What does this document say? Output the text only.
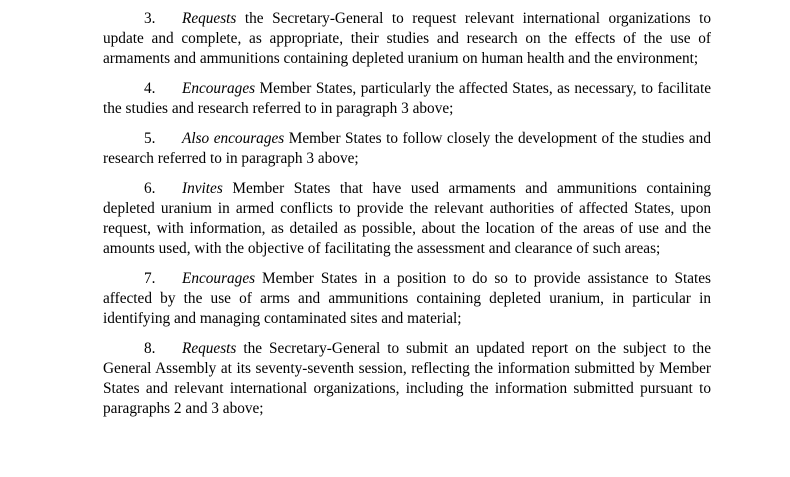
3. Requests the Secretary-General to request relevant international organizations to update and complete, as appropriate, their studies and research on the effects of the use of armaments and ammunitions containing depleted uranium on human health and the environment;

4. Encourages Member States, particularly the affected States, as necessary, to facilitate the studies and research referred to in paragraph 3 above;

5. Also encourages Member States to follow closely the development of the studies and research referred to in paragraph 3 above;

6. Invites Member States that have used armaments and ammunitions containing depleted uranium in armed conflicts to provide the relevant authorities of affected States, upon request, with information, as detailed as possible, about the location of the areas of use and the amounts used, with the objective of facilitating the assessment and clearance of such areas;

7. Encourages Member States in a position to do so to provide assistance to States affected by the use of arms and ammunitions containing depleted uranium, in particular in identifying and managing contaminated sites and material;

8. Requests the Secretary-General to submit an updated report on the subject to the General Assembly at its seventy-seventh session, reflecting the information submitted by Member States and relevant international organizations, including the information submitted pursuant to paragraphs 2 and 3 above;
